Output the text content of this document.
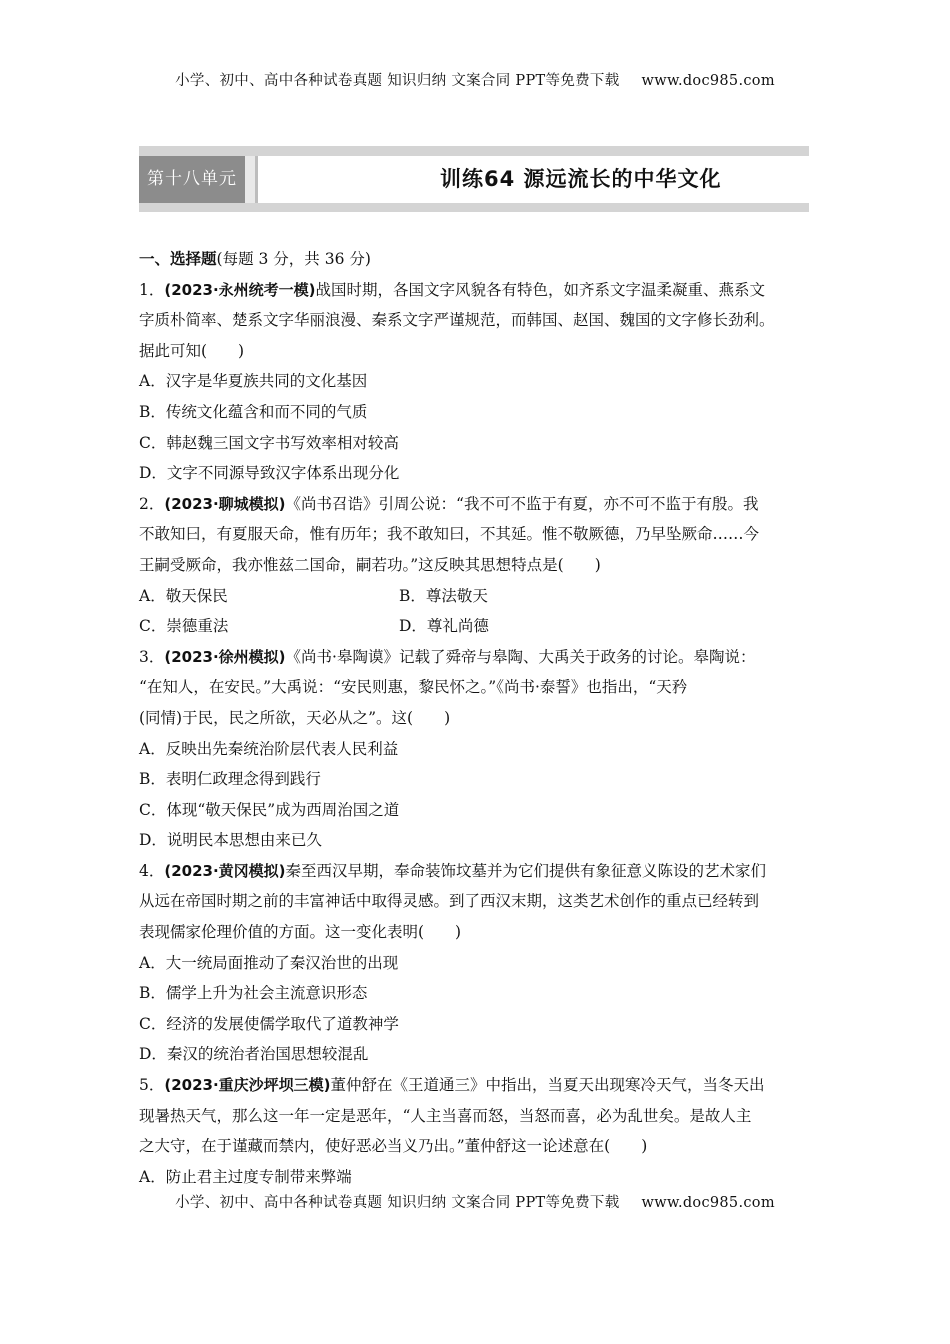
小学、初中、高中各种试卷真题 知识归纳 文案合同 PPT等免费下载 www.doc985.com
第十八单元	训练64 源远流长的中华文化
一、选择题(每题 3 分，共 36 分)
1．(2023·永州统考一模)战国时期，各国文字风貌各有特色，如齐系文字温柔凝重、燕系文
字质朴简率、楚系文字华丽浪漫、秦系文字严谨规范，而韩国、赵国、魏国的文字修长劲利。
据此可知(　　)
A．汉字是华夏族共同的文化基因
B．传统文化蕴含和而不同的气质
C．韩赵魏三国文字书写效率相对较高
D．文字不同源导致汉字体系出现分化
2．(2023·聊城模拟)《尚书召诰》引周公说：“我不可不监于有夏，亦不可不监于有殷。我
不敢知曰，有夏服天命，惟有历年；我不敢知曰，不其延。惟不敬厥德，乃早坠厥命……今
王嗣受厥命，我亦惟兹二国命，嗣若功。”这反映其思想特点是(　　)
A．敬天保民	B．尊法敬天
C．崇德重法	D．尊礼尚德
3．(2023·徐州模拟)《尚书·皋陶谟》记载了舜帝与皋陶、大禹关于政务的讨论。皋陶说：
“在知人，在安民。”大禹说：“安民则惠，黎民怀之。”《尚书·泰誓》也指出，“天矜
(同情)于民，民之所欲，天必从之”。这(　　)
A．反映出先秦统治阶层代表人民利益
B．表明仁政理念得到践行
C．体现“敬天保民”成为西周治国之道
D．说明民本思想由来已久
4．(2023·黄冈模拟)秦至西汉早期，奉命装饰坟墓并为它们提供有象征意义陈设的艺术家们
从远在帝国时期之前的丰富神话中取得灵感。到了西汉末期，这类艺术创作的重点已经转到
表现儒家伦理价值的方面。这一变化表明(　　)
A．大一统局面推动了秦汉治世的出现
B．儒学上升为社会主流意识形态
C．经济的发展使儒学取代了道教神学
D．秦汉的统治者治国思想较混乱
5．(2023·重庆沙坪坝三模)董仲舒在《王道通三》中指出，当夏天出现寒冷天气，当冬天出
现暑热天气，那么这一年一定是恶年，“人主当喜而怒，当怒而喜，必为乱世矣。是故人主
之大守，在于谨藏而禁内，使好恶必当义乃出。”董仲舒这一论述意在(　　)
A．防止君主过度专制带来弊端
小学、初中、高中各种试卷真题 知识归纳 文案合同 PPT等免费下载 www.doc985.com
